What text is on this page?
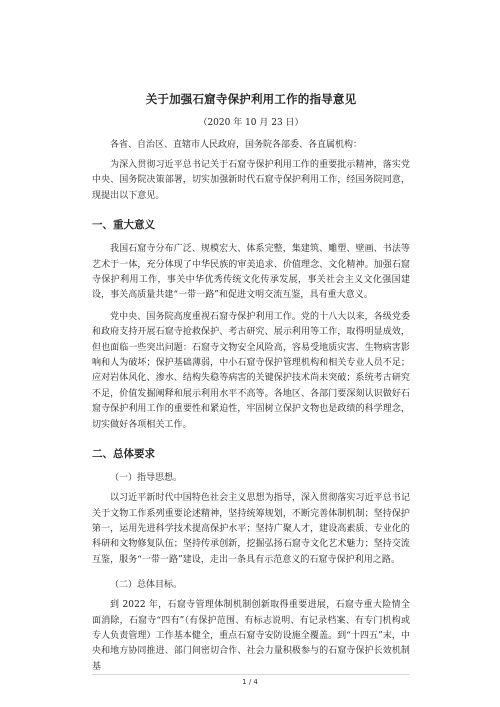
关于加强石窟寺保护利用工作的指导意见
（2020 年 10 月 23 日）
各省、自治区、直辖市人民政府，国务院各部委、各直属机构：

为深入贯彻习近平总书记关于石窟寺保护利用工作的重要批示精神，落实党中央、国务院决策部署，切实加强新时代石窟寺保护利用工作，经国务院同意，现提出以下意见。

一、重大意义

我国石窟寺分布广泛、规模宏大、体系完整，集建筑、雕塑、壁画、书法等艺术于一体，充分体现了中华民族的审美追求、价值理念、文化精神。加强石窟寺保护利用工作，事关中华优秀传统文化传承发展，事关社会主义文化强国建设，事关高质量共建“一带一路”和促进文明交流互鉴，具有重大意义。

党中央、国务院高度重视石窟寺保护利用工作。党的十八大以来，各级党委和政府支持开展石窟寺抢救保护、考古研究、展示利用等工作，取得明显成效，但也面临一些突出问题：石窟寺文物安全风险高，容易受地质灾害、生物病害影响和人为破坏；保护基础薄弱，中小石窟寺保护管理机构和相关专业人员不足；应对岩体风化、渗水、结构失稳等病害的关键保护技术尚未突破；系统考古研究不足，价值发掘阐释和展示利用水平不高等。各地区、各部门要深刻认识做好石窟寺保护利用工作的重要性和紧迫性，牢固树立保护文物也是政绩的科学理念，切实做好各项相关工作。

二、总体要求
（一）指导思想。

以习近平新时代中国特色社会主义思想为指导，深入贯彻落实习近平总书记关于文物工作系列重要论述精神，坚持统筹规划，不断完善体制机制；坚持保护第一，运用先进科学技术提高保护水平；坚持广聚人才，建设高素质、专业化的科研和文物修复队伍；坚持传承创新，挖掘弘扬石窟寺文化艺术魅力；坚持交流互鉴，服务“一带一路”建设，走出一条具有示范意义的石窟寺保护利用之路。

（二）总体目标。

到 2022 年，石窟寺管理体制机制创新取得重要进展，石窟寺重大险情全面消除，石窟寺“四有”（有保护范围、有标志说明、有记录档案、有专门机构或专人负责管理）工作基本健全，重点石窟寺安防设施全覆盖。到“十四五”末，中央和地方协同推进、部门间密切合作、社会力量积极参与的石窟寺保护长效机制基

1 / 4
